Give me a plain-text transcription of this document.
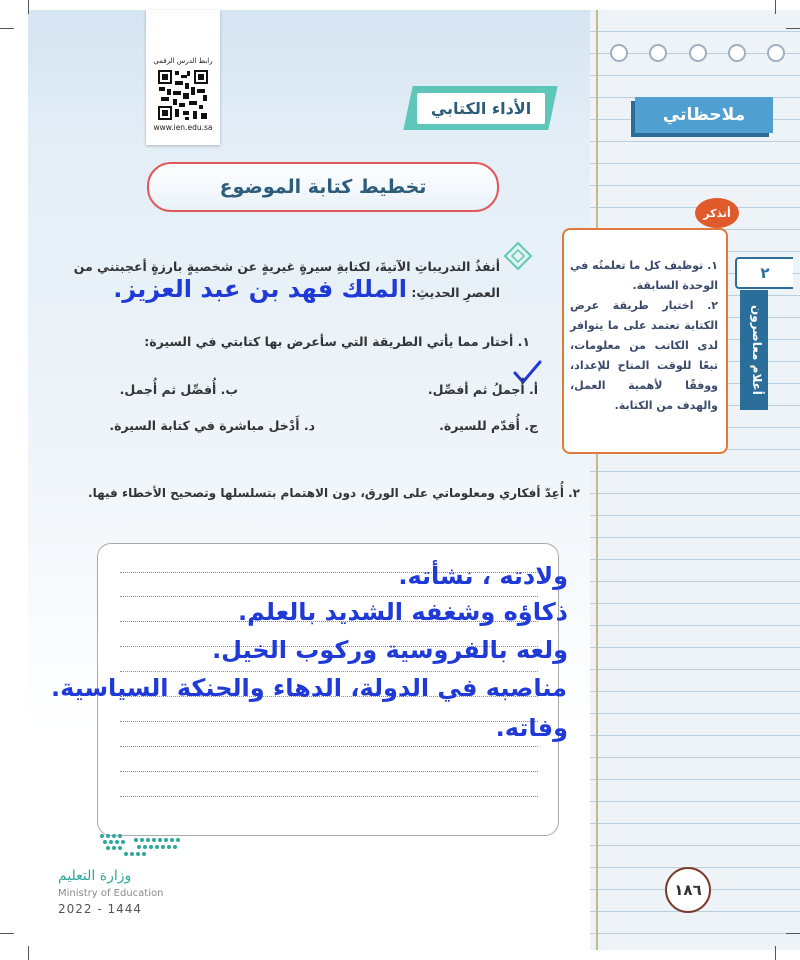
ملاحظاتي
رابط الدرس الرقمي
www.ien.edu.sa
الأداء الكتابي
تخطيط كتابة الموضوع
أنفذُ التدريباتِ الآتيةَ، لكتابةِ سيرةٍ غيريةٍ عن شخصيةٍ بارزةٍ أعجبتني من
العصرِ الحديثِ: الملك فهد بن عبد العزيز.
١. أختار مما يأتي الطريقة التي سأعرض بها كتابتي في السيرة:
أ. أُجملُ ثم أفصِّل.
ب. أُفصِّل ثم أُجمل.
ج. أُقدّم للسيرة.
د. أَدْخل مباشرة في كتابة السيرة.
٢. أُعِدّ أفكاري ومعلوماتي على الورق، دون الاهتمام بتسلسلها وتصحيح الأخطاء فيها.
ولادته ، نشأته.
ذكاؤه وشغفه الشديد بالعلم.
ولعه بالفروسية وركوب الخيل.
مناصبه في الدولة، الدهاء والحنكة السياسية.
وفاته.
أتذكر
١. توظيف كل ما تعلمتُه في الوحدة السابقة.
٢. اختيار طريقة عرض الكتابة تعتمد على ما يتوافر لدى الكاتب من معلومات، تبعًا للوقت المتاح للإعداد، ووفقًا لأهمية العمل، والهدف من الكتابة.
٢
أعلام معاصرون
وزارة التعليم
Ministry of Education
2022 - 1444
١٨٦
